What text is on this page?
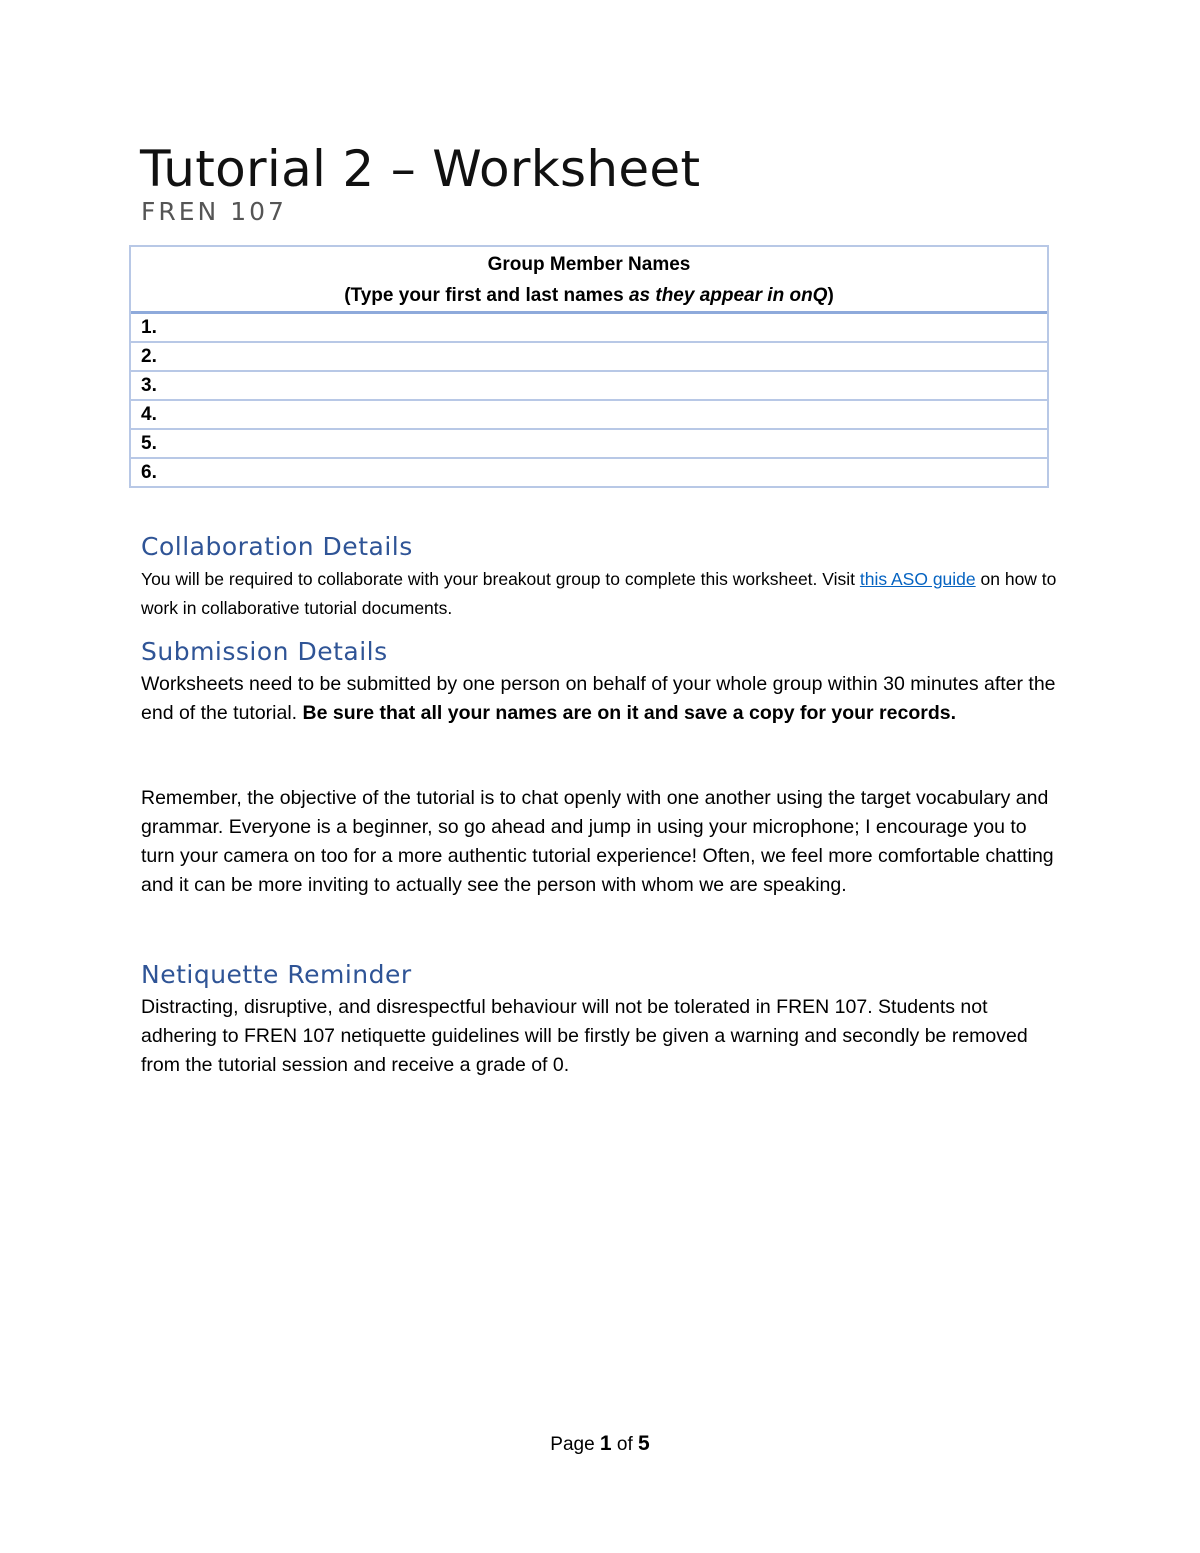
Tutorial 2 – Worksheet
FREN 107
Group Member Names
(Type your first and last names as they appear in onQ)

1.
2.
3.
4.
5.
6.
Collaboration Details

You will be required to collaborate with your breakout group to complete this worksheet. Visit this ASO guide on how to work in collaborative tutorial documents.

Submission Details

Worksheets need to be submitted by one person on behalf of your whole group within 30 minutes after the end of the tutorial. Be sure that all your names are on it and save a copy for your records.

Remember, the objective of the tutorial is to chat openly with one another using the target vocabulary and grammar. Everyone is a beginner, so go ahead and jump in using your microphone; I encourage you to turn your camera on too for a more authentic tutorial experience! Often, we feel more comfortable chatting and it can be more inviting to actually see the person with whom we are speaking.

Netiquette Reminder

Distracting, disruptive, and disrespectful behaviour will not be tolerated in FREN 107. Students not adhering to FREN 107 netiquette guidelines will be firstly be given a warning and secondly be removed from the tutorial session and receive a grade of 0.

Page 1 of 5
